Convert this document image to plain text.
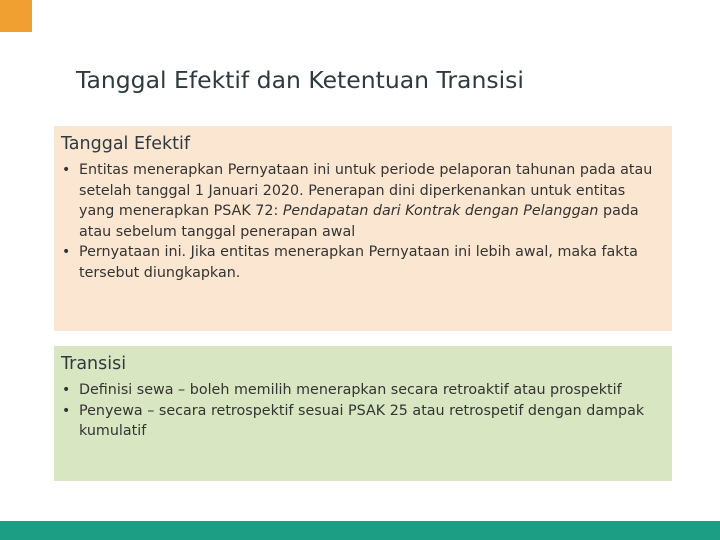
Tanggal Efektif dan Ketentuan Transisi
Tanggal Efektif
• Entitas menerapkan Pernyataan ini untuk periode pelaporan tahunan pada atau setelah tanggal 1 Januari 2020. Penerapan dini diperkenankan untuk entitas yang menerapkan PSAK 72: Pendapatan dari Kontrak dengan Pelanggan pada atau sebelum tanggal penerapan awal
• Pernyataan ini. Jika entitas menerapkan Pernyataan ini lebih awal, maka fakta tersebut diungkapkan.
Transisi
• Definisi sewa – boleh memilih menerapkan secara retroaktif atau prospektif
• Penyewa – secara retrospektif sesuai PSAK 25 atau retrospetif dengan dampak kumulatif
